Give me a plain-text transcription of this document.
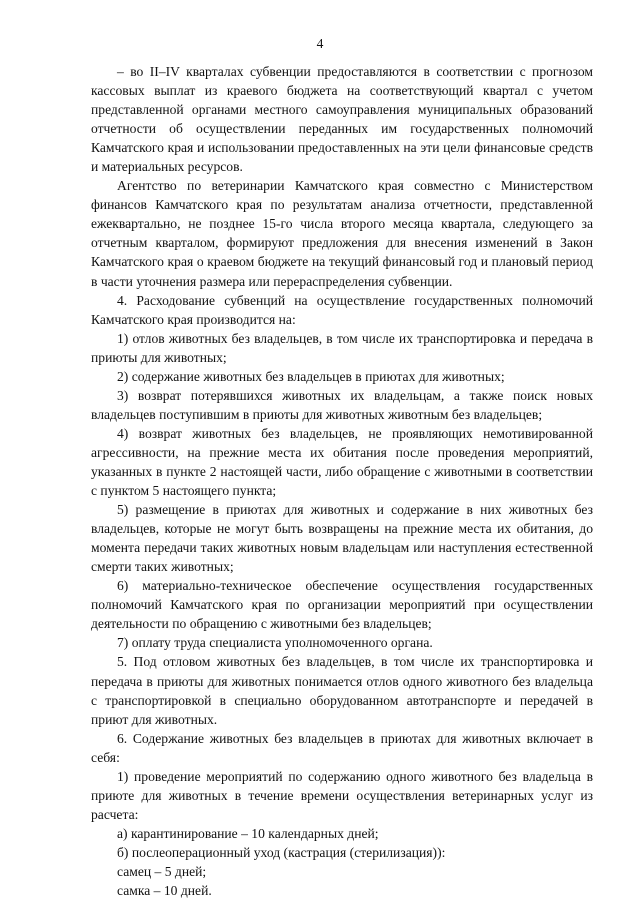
4

– во II–IV кварталах субвенции предоставляются в соответствии с прогнозом кассовых выплат из краевого бюджета на соответствующий квартал с учетом представленной органами местного самоуправления муниципальных образований отчетности об осуществлении переданных им государственных полномочий Камчатского края и использовании предоставленных на эти цели финансовые средств и материальных ресурсов.

Агентство по ветеринарии Камчатского края совместно с Министерством финансов Камчатского края по результатам анализа отчетности, представленной ежеквартально, не позднее 15-го числа второго месяца квартала, следующего за отчетным кварталом, формируют предложения для внесения изменений в Закон Камчатского края о краевом бюджете на текущий финансовый год и плановый период в части уточнения размера или перераспределения субвенции.

4. Расходование субвенций на осуществление государственных полномочий Камчатского края производится на:

1) отлов животных без владельцев, в том числе их транспортировка и передача в приюты для животных;

2) содержание животных без владельцев в приютах для животных;

3) возврат потерявшихся животных их владельцам, а также поиск новых владельцев поступившим в приюты для животных животным без владельцев;

4) возврат животных без владельцев, не проявляющих немотивированной агрессивности, на прежние места их обитания после проведения мероприятий, указанных в пункте 2 настоящей части, либо обращение с животными в соответствии с пунктом 5 настоящего пункта;

5) размещение в приютах для животных и содержание в них животных без владельцев, которые не могут быть возвращены на прежние места их обитания, до момента передачи таких животных новым владельцам или наступления естественной смерти таких животных;

6) материально-техническое обеспечение осуществления государственных полномочий Камчатского края по организации мероприятий при осуществлении деятельности по обращению с животными без владельцев;

7) оплату труда специалиста уполномоченного органа.

5. Под отловом животных без владельцев, в том числе их транспортировка и передача в приюты для животных понимается отлов одного животного без владельца с транспортировкой в специально оборудованном автотранспорте и передачей в приют для животных.

6. Содержание животных без владельцев в приютах для животных включает в себя:

1) проведение мероприятий по содержанию одного животного без владельца в приюте для животных в течение времени осуществления ветеринарных услуг из расчета:

а) карантинирование – 10 календарных дней;

б) послеоперационный уход (кастрация (стерилизация)):

самец – 5 дней;

самка – 10 дней.
